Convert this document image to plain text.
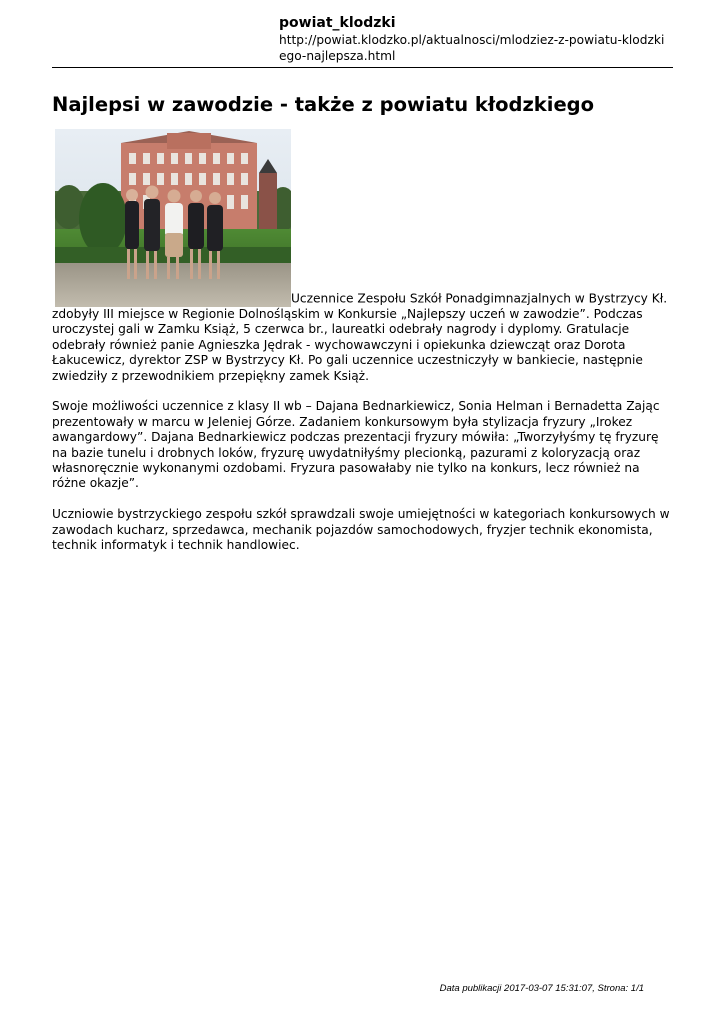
powiat_klodzki
http://powiat.klodzko.pl/aktualnosci/mlodziez-z-powiatu-klodzkiego-najlepsza.html
Najlepsi w zawodzie - także z powiatu kłodzkiego

Uczennice Zespołu Szkół Ponadgimnazjalnych w Bystrzycy Kł. zdobyły III miejsce w Regionie Dolnośląskim w Konkursie „Najlepszy uczeń w zawodzie”. Podczas uroczystej gali w Zamku Książ, 5 czerwca br., laureatki odebrały nagrody i dyplomy. Gratulacje odebrały również panie Agnieszka Jędrak - wychowawczyni i opiekunka dziewcząt oraz Dorota Łakucewicz, dyrektor ZSP w Bystrzycy Kł. Po gali uczennice uczestniczyły w bankiecie, następnie zwiedziły z przewodnikiem przepiękny zamek Książ.

Swoje możliwości uczennice z klasy II wb – Dajana Bednarkiewicz, Sonia Helman i Bernadetta Zając prezentowały w marcu w Jeleniej Górze. Zadaniem konkursowym była stylizacja fryzury „Irokez awangardowy”. Dajana Bednarkiewicz podczas prezentacji fryzury mówiła: „Tworzyłyśmy tę fryzurę na bazie tunelu i drobnych loków, fryzurę uwydatniłyśmy plecionką, pazurami z koloryzacją oraz własnoręcznie wykonanymi ozdobami. Fryzura pasowałaby nie tylko na konkurs, lecz również na różne okazje”.

Uczniowie bystrzyckiego zespołu szkół sprawdzali swoje umiejętności w kategoriach konkursowych w zawodach kucharz, sprzedawca, mechanik pojazdów samochodowych, fryzjer technik ekonomista, technik informatyk i technik handlowiec.

Data publikacji 2017-03-07 15:31:07, Strona: 1/1
